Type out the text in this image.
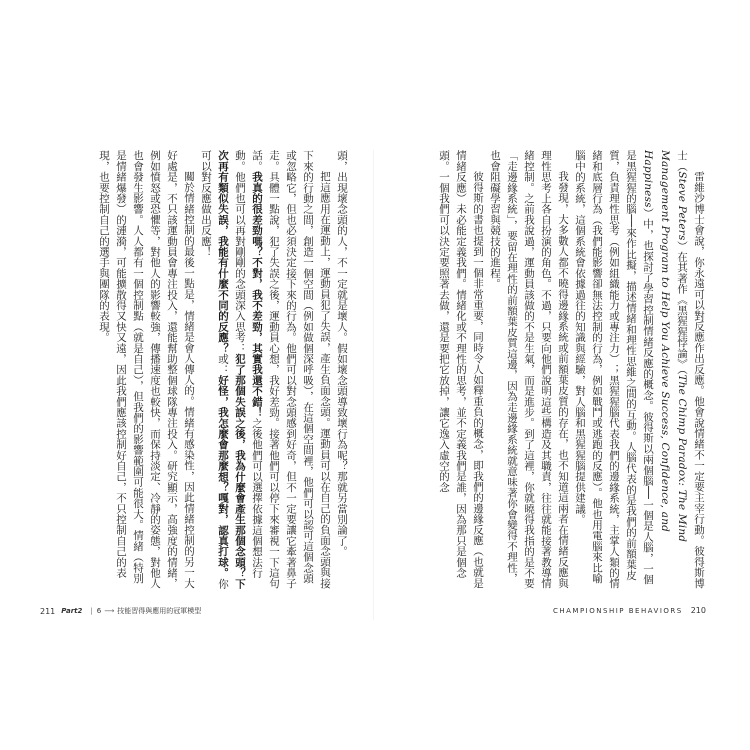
頭，出現壞念頭的人，不一定就是壞人。假如壞念頭導致壞行為呢？那就另當別論了。

把這應用在運動上，運動員犯了失誤，產生負面念頭。運動員可以在自己的負面念頭與接下來的行動之間，創造一個空間（例如做個深呼吸），在這個空間裡，他們可以認可這個念頭或忽略它，但也必須決定接下來的行為。他們可以對念頭感到好奇，但不一定要讓它牽著鼻子走。具體一點說，犯了失誤之後，運動員心想，我好差勁。接著他們可以停下來審視一下這句話。我真的很差勁嗎？不對，我不差勁，其實我還不錯！之後他們可以選擇依據這個想法行動。他們也可以再對剛剛的念頭深入思考：犯了那個失誤之後，我為什麼會產生那個念頭？下次再有類似失誤，我能有什麼不同的反應？或：好怪，我怎麼會那麼想？嘎對，認真打球。你可以對反應做出反應！

關於情緒控制的最後一點是，情緒是會人傳人的。情緒有感染性，因此情緒控制的另一大好處是，不只該運動員會專注投入，還能幫助整個球隊專注投入。研究顯示，高強度的情緒，例如憤怒或恐懼等，對他人的影響較強，傳播速度也較快，而保持淡定、冷靜的姿態，對他人也會發生影響。人人都有一個控制點（就是自己），但我們的影響範圍可能很大。情緒（特別是情緒爆發）的漣漪，可能擴散得又快又遠，因此我們應該控制好自己，不只控制自己的表現，也要控制自己的選手與團隊的表現。	雷維沙博士會說，你永遠可以對反應作出反應。他會說情緒不一定要主宰行動。彼得斯博士（Steve Peters）在其著作《黑猩猩悖論》（The Chimp Paradox: The Mind Management Program to Help You Achieve Success, Confidence, and Happiness）中，也探討了學習控制情緒反應的概念。彼得斯以兩個腦──一個是人腦，一個是黑猩猩的腦──來作比擬，描述情緒和理性思維之間的互動。人腦代表的是我們的前額葉皮質，負責理性思考（例如組織能力或專注力）；黑猩猩腦代表我們的邊緣系統，主掌人類的情緒和底層行為（我們能影響卻無法控制的行為，例如戰鬥或逃跑的反應）。他也用電腦來比喻腦中的系統，這個系統會依據過往的知識與經驗，對人腦和黑猩猩腦提供建議。

我發現，大多數人都不曉得邊緣系統或前額葉皮質的存在，也不知道這兩者在情緒反應與理性思考上各自扮演的角色。不過，只要向他們說明這些構造及其職責，往往就能接著教導情緒控制。之前我說過，運動員該做的不是生氣，而是進步。到了這裡，你就曉得我指的是不要「走邊緣系統」，要留在理性的前額葉皮質這邊，因為走邊緣系統就意味著你會變得不理性，也會阻礙學習與競技的進程。

彼得斯的書也提到一個非常重要，同時令人如釋重負的概念，即我們的邊緣反應（也就是情緒反應）未必能定義我們。情緒化或不理性的思考，並不定義我們是誰，因為那只是個念頭。一個我們可以決定要照著去做，還是要把它放掉，讓它逸入虛空的念

211 Part2 | 6 ⟶ 技能習得與應用的冠軍模型	CHAMPIONSHIP BEHAVIORS 210
